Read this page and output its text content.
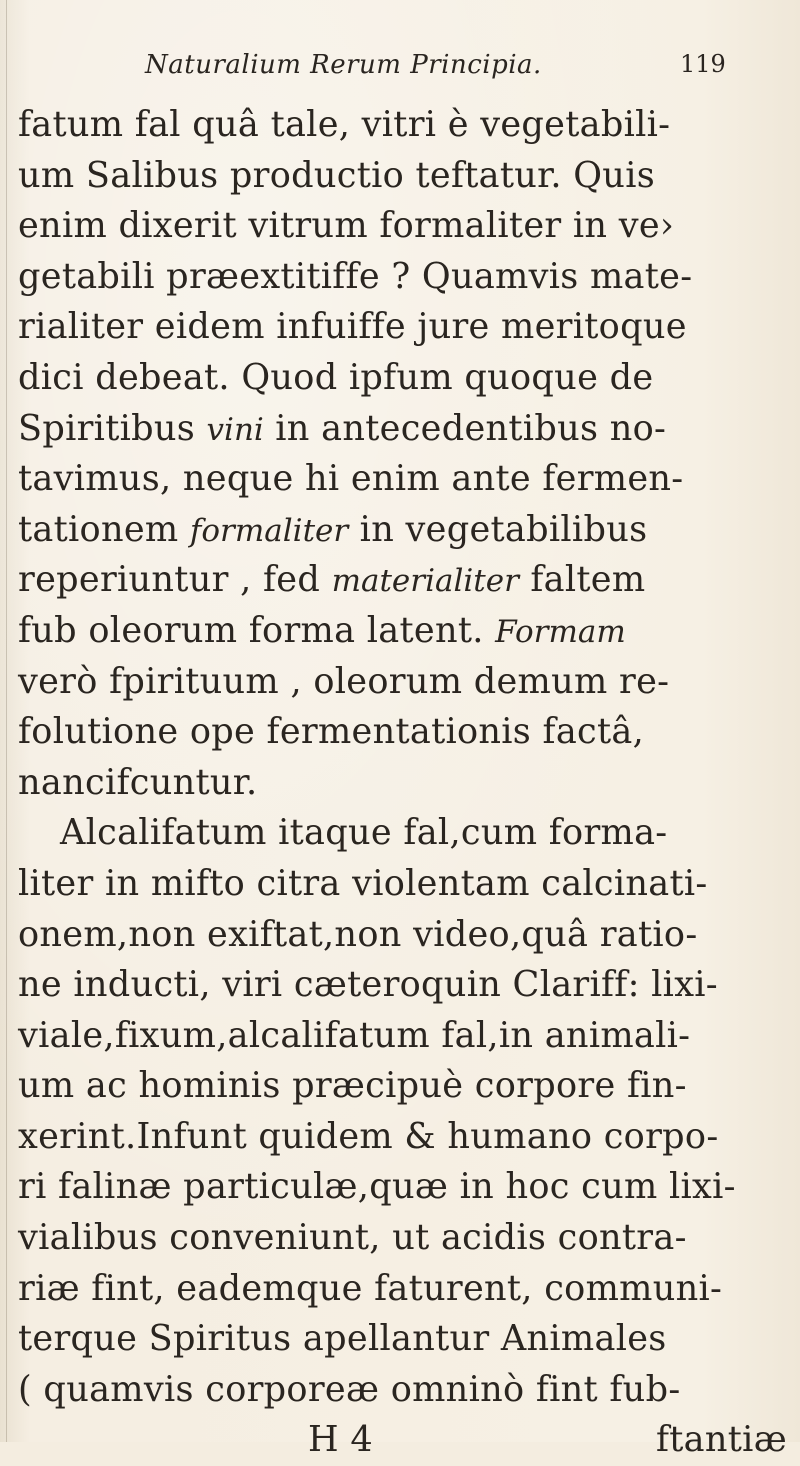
Naturalium Rerum Principia.	119
fatum fal quâ tale, vitri è vegetabili-
um Salibus productio teftatur. Quis
enim dixerit vitrum formaliter in ve›
getabili præextitiffe ? Quamvis mate-
rialiter eidem infuiffe jure meritoque
dici debeat. Quod ipfum quoque de
Spiritibus vini in antecedentibus no-
tavimus, neque hi enim ante fermen-
tationem formaliter in vegetabilibus
reperiuntur , fed materialiter faltem
fub oleorum forma latent. Formam
verò fpirituum , oleorum demum re-
folutione ope fermentationis factâ,
nancifcuntur.
Alcalifatum itaque fal,cum forma-
liter in mifto citra violentam calcinati-
onem,non exiftat,non video,quâ ratio-
ne inducti, viri cæteroquin Clariff: lixi-
viale,fixum,alcalifatum fal,in animali-
um ac hominis præcipuè corpore fin-
xerint.Infunt quidem & humano corpo-
ri falinæ particulæ,quæ in hoc cum lixi-
vialibus conveniunt, ut acidis contra-
riæ fint, eademque faturent, communi-
terque Spiritus apellantur Animales
( quamvis corporeæ omninò fint fub-
H 4	ftantiæ
